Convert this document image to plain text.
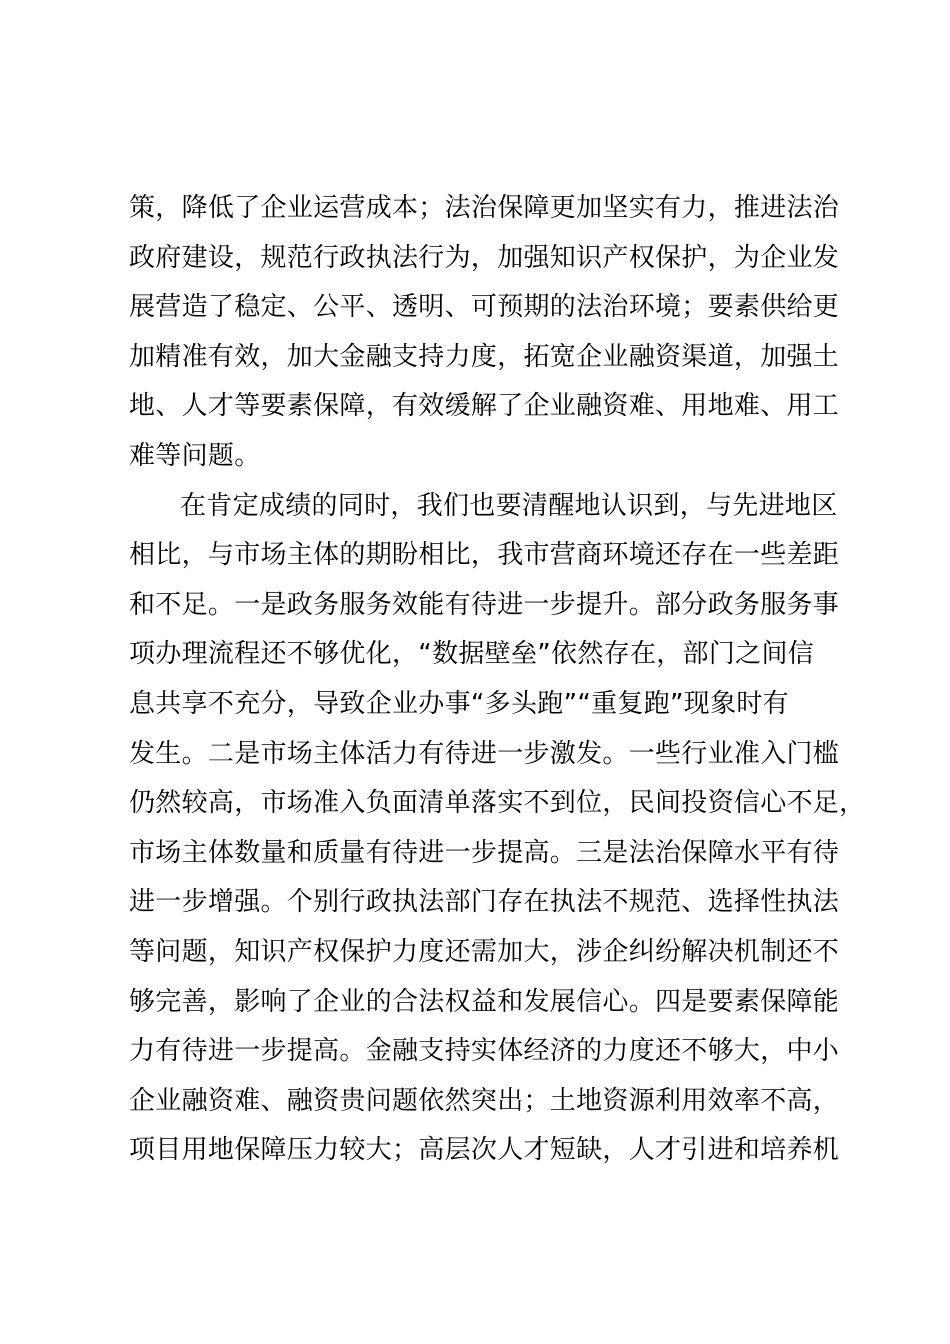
策，降低了企业运营成本；法治保障更加坚实有力，推进法治
政府建设，规范行政执法行为，加强知识产权保护，为企业发
展营造了稳定、公平、透明、可预期的法治环境；要素供给更
加精准有效，加大金融支持力度，拓宽企业融资渠道，加强土
地、人才等要素保障，有效缓解了企业融资难、用地难、用工
难等问题。
在肯定成绩的同时，我们也要清醒地认识到，与先进地区
相比，与市场主体的期盼相比，我市营商环境还存在一些差距
和不足。一是政务服务效能有待进一步提升。部分政务服务事
项办理流程还不够优化，“数据壁垒”依然存在，部门之间信
息共享不充分，导致企业办事“多头跑”“重复跑”现象时有
发生。二是市场主体活力有待进一步激发。一些行业准入门槛
仍然较高，市场准入负面清单落实不到位，民间投资信心不足，
市场主体数量和质量有待进一步提高。三是法治保障水平有待
进一步增强。个别行政执法部门存在执法不规范、选择性执法
等问题，知识产权保护力度还需加大，涉企纠纷解决机制还不
够完善，影响了企业的合法权益和发展信心。四是要素保障能
力有待进一步提高。金融支持实体经济的力度还不够大，中小
企业融资难、融资贵问题依然突出；土地资源利用效率不高，
项目用地保障压力较大；高层次人才短缺，人才引进和培养机
